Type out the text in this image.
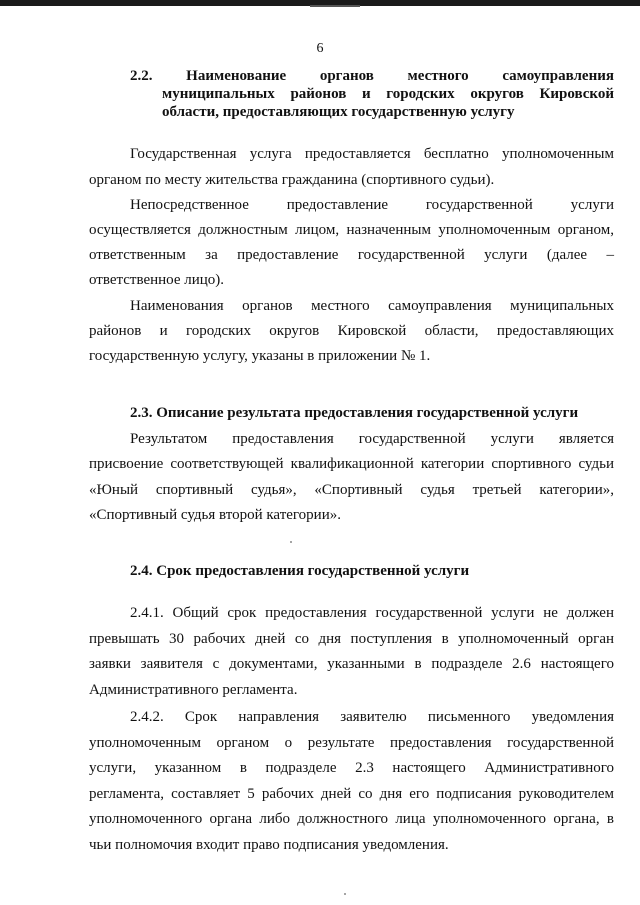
6
2.2. Наименование органов местного самоуправления
муниципальных районов и городских округов Кировской
области, предоставляющих государственную услугу
Государственная услуга предоставляется бесплатно уполномоченным
органом по месту жительства гражданина (спортивного судьи).
Непосредственное предоставление государственной услуги
осуществляется должностным лицом, назначенным уполномоченным органом,
ответственным за предоставление государственной услуги (далее –
ответственное лицо).
Наименования органов местного самоуправления муниципальных
районов и городских округов Кировской области, предоставляющих
государственную услугу, указаны в приложении № 1.
2.3. Описание результата предоставления государственной услуги
Результатом предоставления государственной услуги является
присвоение соответствующей квалификационной категории спортивного судьи
«Юный спортивный судья», «Спортивный судья третьей категории»,
«Спортивный судья второй категории».
2.4. Срок предоставления государственной услуги
2.4.1. Общий срок предоставления государственной услуги не должен
превышать 30 рабочих дней со дня поступления в уполномоченный орган
заявки заявителя с документами, указанными в подразделе 2.6 настоящего
Административного регламента.
2.4.2. Срок направления заявителю письменного уведомления
уполномоченным органом о результате предоставления государственной
услуги, указанном в подразделе 2.3 настоящего Административного
регламента, составляет 5 рабочих дней со дня его подписания руководителем
уполномоченного органа либо должностного лица уполномоченного органа, в
чьи полномочия входит право подписания уведомления.
